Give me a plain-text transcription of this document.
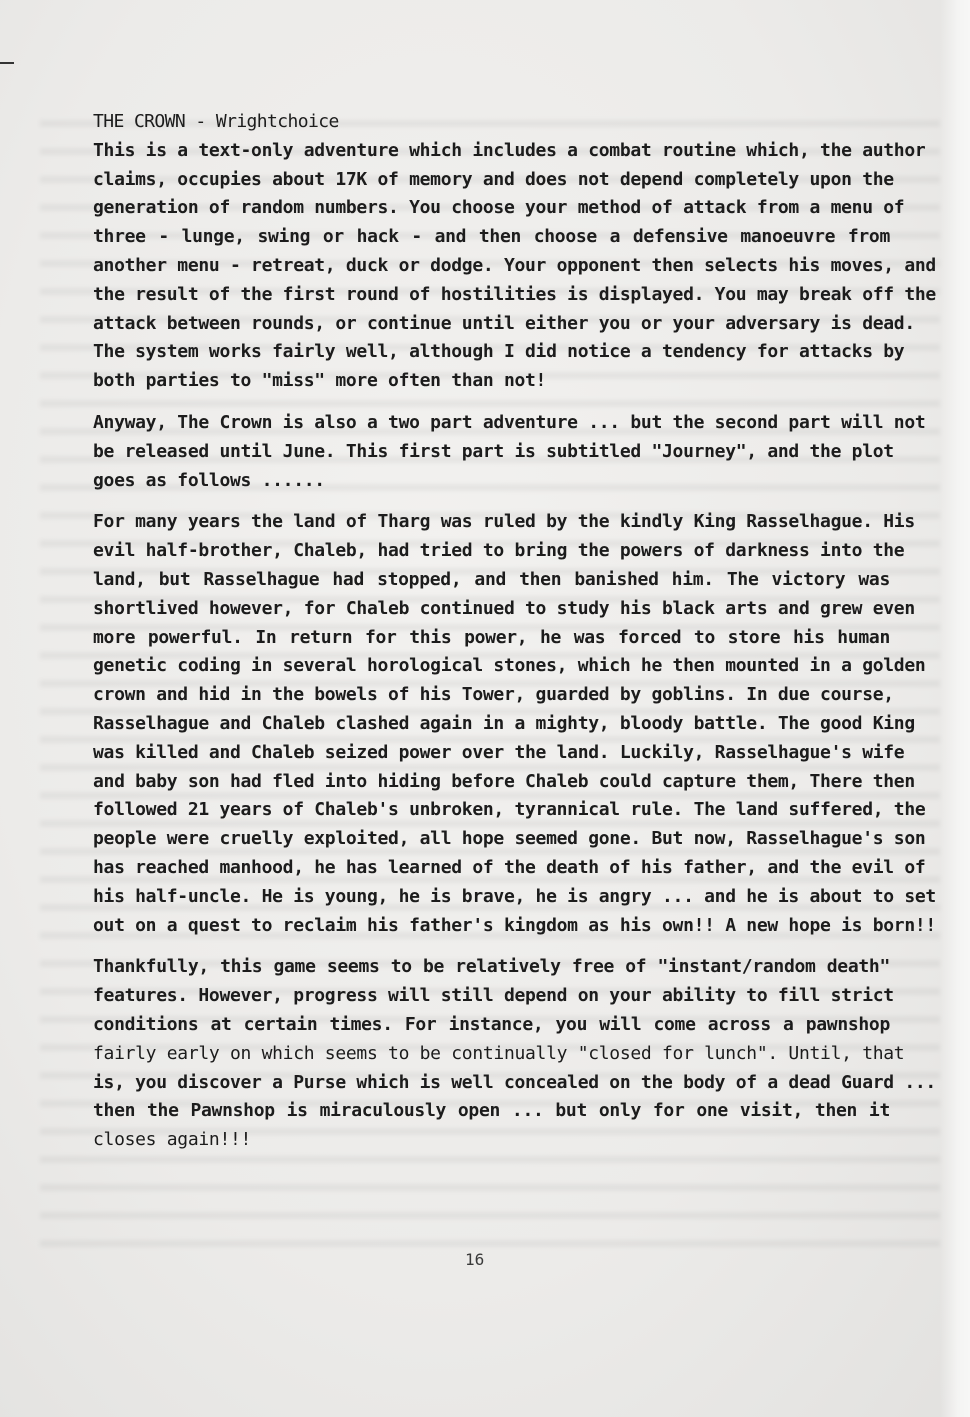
THE CROWN - Wrightchoice
This is a text-only adventure which includes a combat routine which, the author
claims, occupies about 17K of memory and does not depend completely upon the
generation of random numbers. You choose your method of attack from a menu of
three - lunge, swing or hack - and then choose a defensive manoeuvre from
another menu - retreat, duck or dodge. Your opponent then selects his moves, and
the result of the first round of hostilities is displayed. You may break off the
attack between rounds, or continue until either you or your adversary is dead.
The system works fairly well, although I did notice a tendency for attacks by
both parties to "miss" more often than not!
Anyway, The Crown is also a two part adventure ... but the second part will not
be released until June. This first part is subtitled "Journey", and the plot
goes as follows ......
For many years the land of Tharg was ruled by the kindly King Rasselhague. His
evil half-brother, Chaleb, had tried to bring the powers of darkness into the
land, but Rasselhague had stopped, and then banished him. The victory was
shortlived however, for Chaleb continued to study his black arts and grew even
more powerful. In return for this power, he was forced to store his human
genetic coding in several horological stones, which he then mounted in a golden
crown and hid in the bowels of his Tower, guarded by goblins. In due course,
Rasselhague and Chaleb clashed again in a mighty, bloody battle. The good King
was killed and Chaleb seized power over the land. Luckily, Rasselhague's wife
and baby son had fled into hiding before Chaleb could capture them, There then
followed 21 years of Chaleb's unbroken, tyrannical rule. The land suffered, the
people were cruelly exploited, all hope seemed gone. But now, Rasselhague's son
has reached manhood, he has learned of the death of his father, and the evil of
his half-uncle. He is young, he is brave, he is angry ... and he is about to set
out on a quest to reclaim his father's kingdom as his own!! A new hope is born!!
Thankfully, this game seems to be relatively free of "instant/random death"
features. However, progress will still depend on your ability to fill strict
conditions at certain times. For instance, you will come across a pawnshop
fairly early on which seems to be continually "closed for lunch". Until, that
is, you discover a Purse which is well concealed on the body of a dead Guard ...
then the Pawnshop is miraculously open ... but only for one visit, then it
closes again!!!
16
